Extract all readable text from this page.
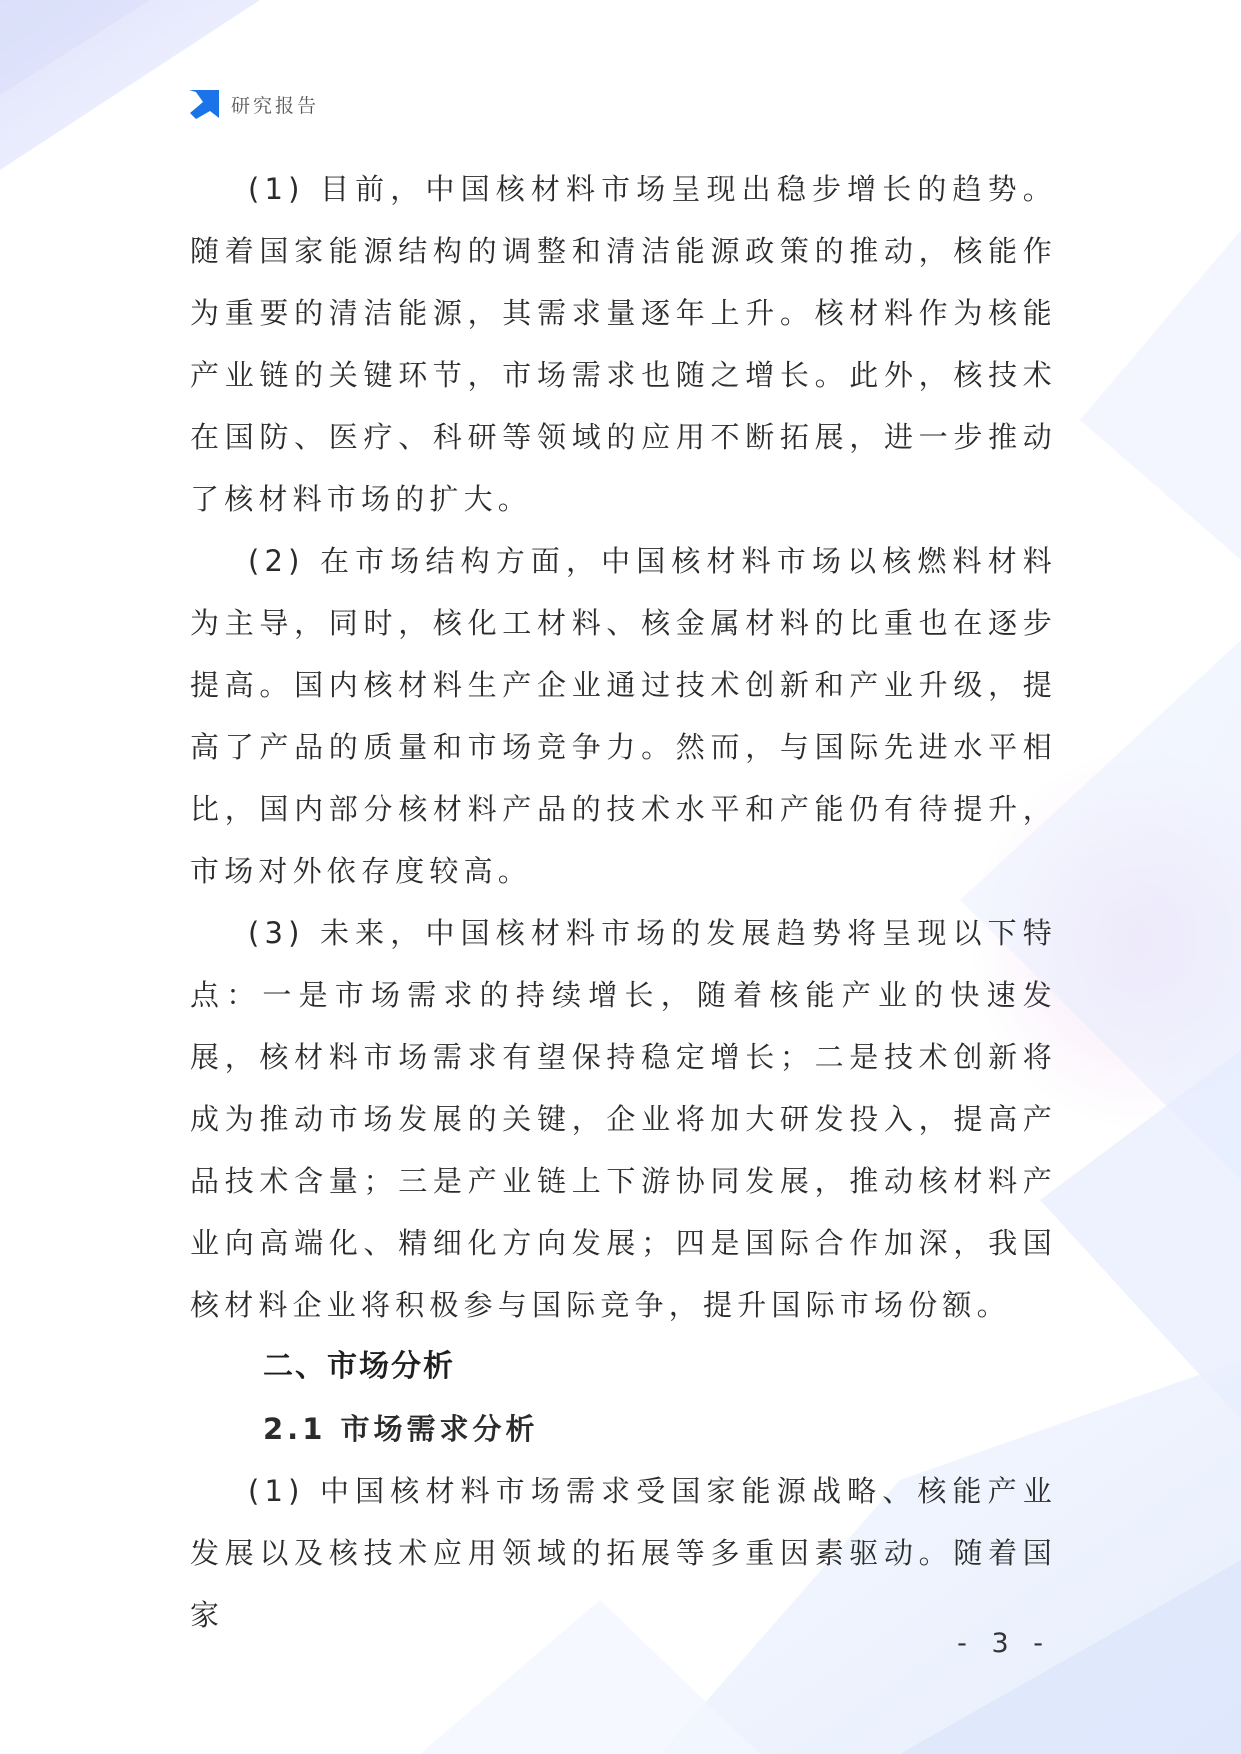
研究报告

(1) 目前，中国核材料市场呈现出稳步增长的趋势。随着国家能源结构的调整和清洁能源政策的推动，核能作为重要的清洁能源，其需求量逐年上升。核材料作为核能产业链的关键环节，市场需求也随之增长。此外，核技术在国防、医疗、科研等领域的应用不断拓展，进一步推动了核材料市场的扩大。

(2) 在市场结构方面，中国核材料市场以核燃料材料为主导，同时，核化工材料、核金属材料的比重也在逐步提高。国内核材料生产企业通过技术创新和产业升级，提高了产品的质量和市场竞争力。然而，与国际先进水平相比，国内部分核材料产品的技术水平和产能仍有待提升，市场对外依存度较高。

(3) 未来，中国核材料市场的发展趋势将呈现以下特点：一是市场需求的持续增长，随着核能产业的快速发展，核材料市场需求有望保持稳定增长；二是技术创新将成为推动市场发展的关键，企业将加大研发投入，提高产品技术含量；三是产业链上下游协同发展，推动核材料产业向高端化、精细化方向发展；四是国际合作加深，我国核材料企业将积极参与国际竞争，提升国际市场份额。

二、市场分析
2.1 市场需求分析

(1) 中国核材料市场需求受国家能源战略、核能产业发展以及核技术应用领域的拓展等多重因素驱动。随着国家

- 3 -
